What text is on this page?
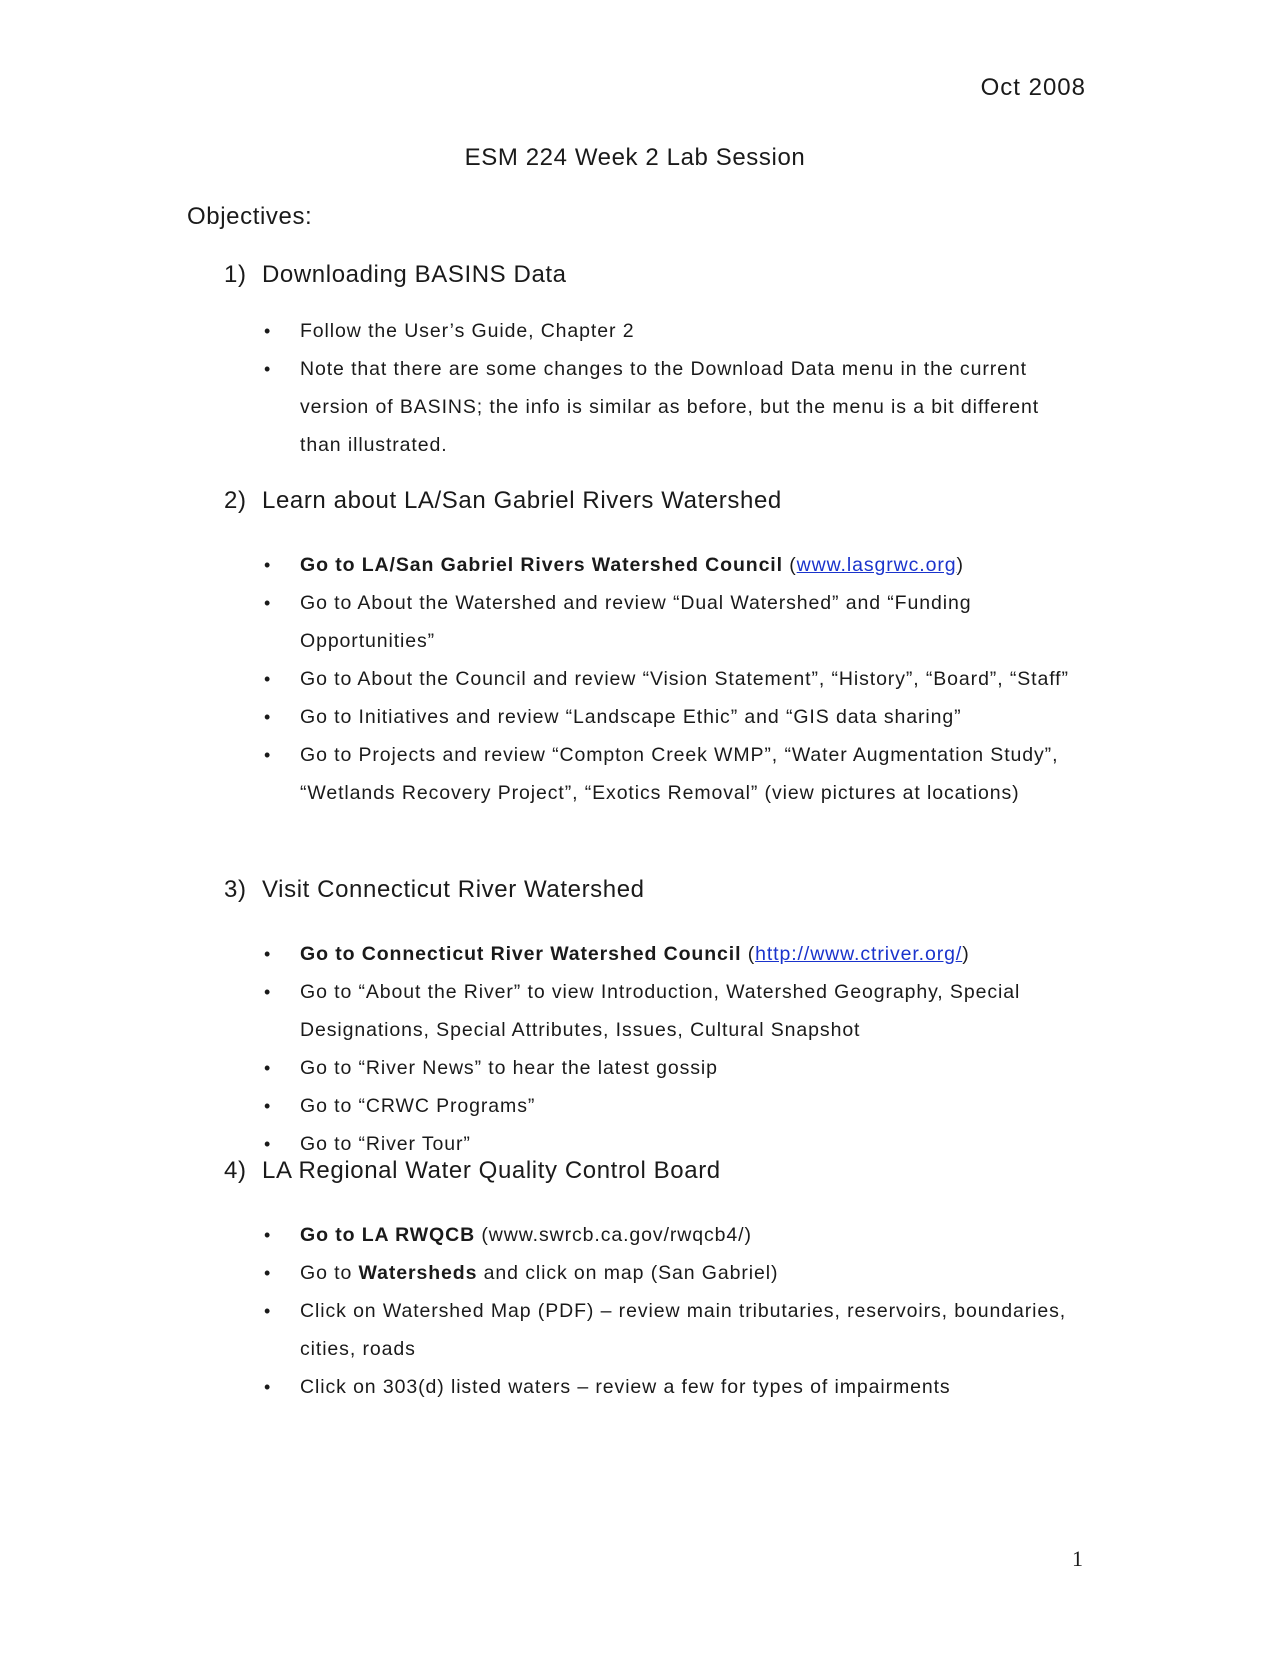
Oct 2008
ESM 224 Week 2 Lab Session
Objectives:
1) Downloading BASINS Data
• Follow the User’s Guide, Chapter 2
• Note that there are some changes to the Download Data menu in the current version of BASINS; the info is similar as before, but the menu is a bit different than illustrated.
2) Learn about LA/San Gabriel Rivers Watershed
• Go to LA/San Gabriel Rivers Watershed Council (www.lasgrwc.org)
• Go to About the Watershed and review “Dual Watershed” and “Funding Opportunities”
• Go to About the Council and review “Vision Statement”, “History”, “Board”, “Staff”
• Go to Initiatives and review “Landscape Ethic” and “GIS data sharing”
• Go to Projects and review “Compton Creek WMP”, “Water Augmentation Study”, “Wetlands Recovery Project”, “Exotics Removal” (view pictures at locations)
3) Visit Connecticut River Watershed
• Go to Connecticut River Watershed Council (http://www.ctriver.org/)
• Go to “About the River” to view Introduction, Watershed Geography, Special Designations, Special Attributes, Issues, Cultural Snapshot
• Go to “River News” to hear the latest gossip
• Go to “CRWC Programs”
• Go to “River Tour”
4) LA Regional Water Quality Control Board
• Go to LA RWQCB (www.swrcb.ca.gov/rwqcb4/)
• Go to Watersheds and click on map (San Gabriel)
• Click on Watershed Map (PDF) – review main tributaries, reservoirs, boundaries, cities, roads
• Click on 303(d) listed waters – review a few for types of impairments
1
